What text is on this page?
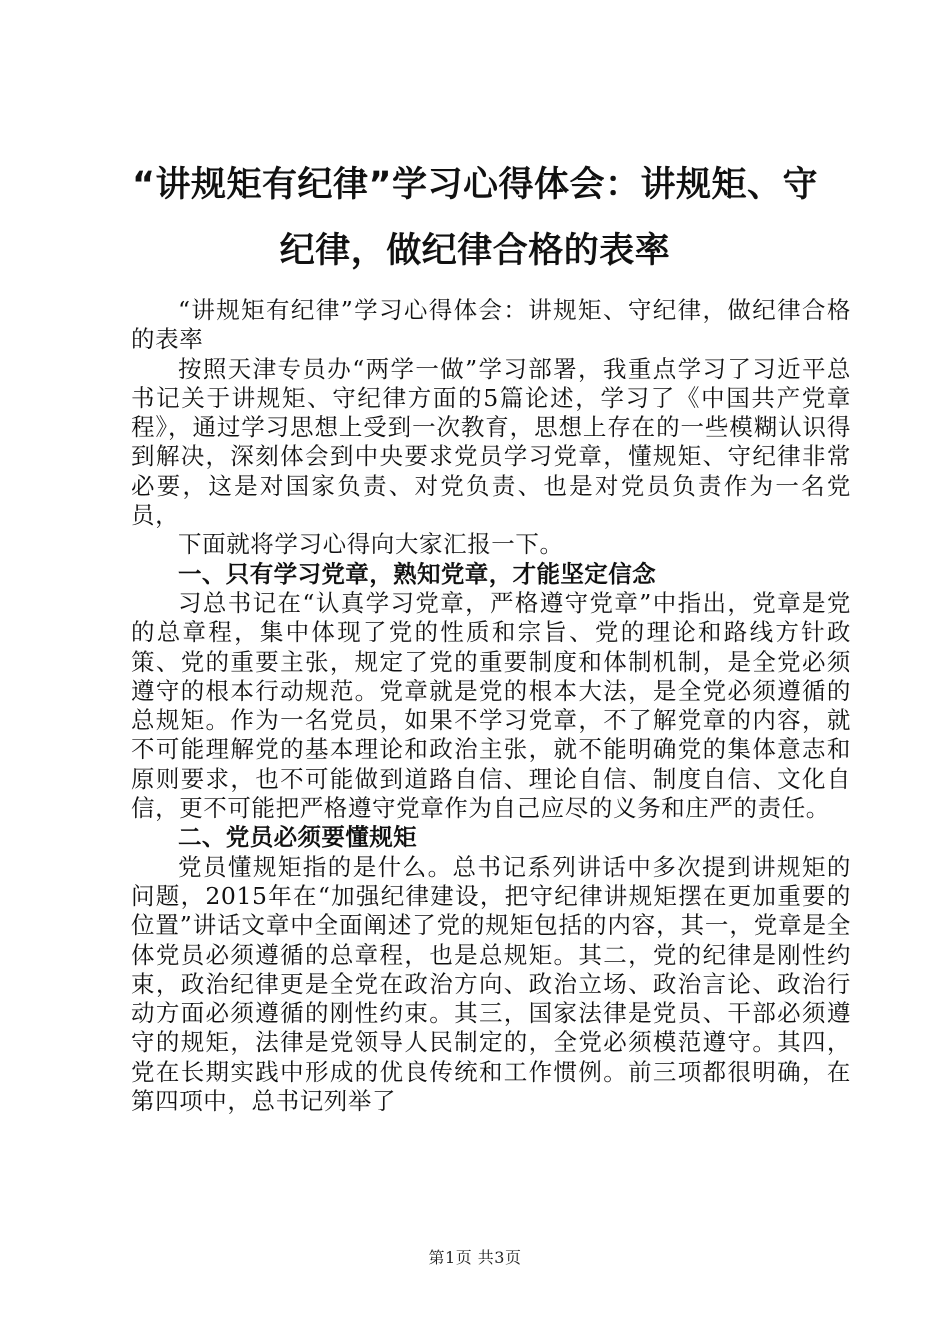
“讲规矩有纪律”学习心得体会：讲规矩、守纪律，做纪律合格的表率

“讲规矩有纪律”学习心得体会：讲规矩、守纪律，做纪律合格的表率

按照天津专员办“两学一做”学习部署，我重点学习了习近平总书记关于讲规矩、守纪律方面的5篇论述，学习了《中国共产党章程》，通过学习思想上受到一次教育，思想上存在的一些模糊认识得到解决，深刻体会到中央要求党员学习党章，懂规矩、守纪律非常必要，这是对国家负责、对党负责、也是对党员负责作为一名党员，

下面就将学习心得向大家汇报一下。

一、只有学习党章，熟知党章，才能坚定信念

习总书记在“认真学习党章，严格遵守党章”中指出，党章是党的总章程，集中体现了党的性质和宗旨、党的理论和路线方针政策、党的重要主张，规定了党的重要制度和体制机制，是全党必须遵守的根本行动规范。党章就是党的根本大法，是全党必须遵循的总规矩。作为一名党员，如果不学习党章，不了解党章的内容，就不可能理解党的基本理论和政治主张，就不能明确党的集体意志和原则要求，也不可能做到道路自信、理论自信、制度自信、文化自信，更不可能把严格遵守党章作为自己应尽的义务和庄严的责任。

二、党员必须要懂规矩

党员懂规矩指的是什么。总书记系列讲话中多次提到讲规矩的问题，2015年在“加强纪律建设，把守纪律讲规矩摆在更加重要的位置”讲话文章中全面阐述了党的规矩包括的内容，其一，党章是全体党员必须遵循的总章程，也是总规矩。其二，党的纪律是刚性约束，政治纪律更是全党在政治方向、政治立场、政治言论、政治行动方面必须遵循的刚性约束。其三，国家法律是党员、干部必须遵守的规矩，法律是党领导人民制定的，全党必须模范遵守。其四，党在长期实践中形成的优良传统和工作惯例。前三项都很明确，在第四项中，总书记列举了

第1页 共3页
